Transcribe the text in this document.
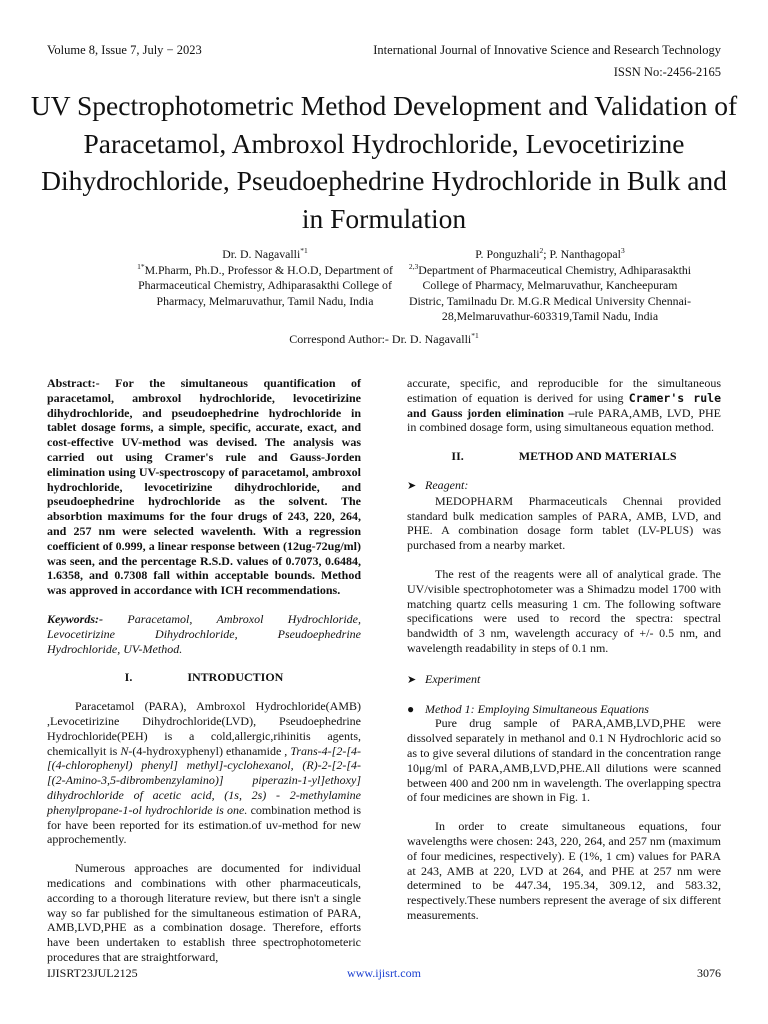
Volume 8, Issue 7, July − 2023	International Journal of Innovative Science and Research Technology
ISSN No:-2456-2165
UV Spectrophotometric Method Development and Validation of Paracetamol, Ambroxol Hydrochloride, Levocetirizine Dihydrochloride, Pseudoephedrine Hydrochloride in Bulk and in Formulation

Dr. D. Nagavalli$^{*1}$

$^{1*}$M.Pharm, Ph.D., Professor & H.O.D, Department of Pharmaceutical Chemistry, Adhiparasakthi College of Pharmacy, Melmaruvathur, Tamil Nadu, India

P. Ponguzhali$^2$; P. Nanthagopal$^3$

$^{2,3}$Department of Pharmaceutical Chemistry, Adhiparasakthi College of Pharmacy, Melmaruvathur, Kancheepuram Distric, Tamilnadu Dr. M.G.R Medical University Chennai-28,Melmaruvathur-603319,Tamil Nadu, India

Correspond Author:- Dr. D. Nagavalli$^{*1}$

Abstract:- For the simultaneous quantification of paracetamol, ambroxol hydrochloride, levocetirizine dihydrochloride, and pseudoephedrine hydrochloride in tablet dosage forms, a simple, specific, accurate, exact, and cost-effective UV-method was devised. The analysis was carried out using Cramer's rule and Gauss-Jorden elimination using UV-spectroscopy of paracetamol, ambroxol hydrochloride, levocetirizine dihydrochloride, and pseudoephedrine hydrochloride as the solvent. The absorbtion maximums for the four drugs of 243, 220, 264, and 257 nm were selected wavelenth. With a regression coefficient of 0.999, a linear response between (12ug-72ug/ml) was seen, and the percentage R.S.D. values of 0.7073, 0.6484, 1.6358, and 0.7308 fall within acceptable bounds. Method was approved in accordance with ICH recommendations.

Keywords:- Paracetamol, Ambroxol Hydrochloride, Levocetirizine Dihydrochloride, Pseudoephedrine Hydrochloride, UV-Method.

I.	INTRODUCTION

Paracetamol (PARA), Ambroxol Hydrochloride(AMB) ,Levocetirizine Dihydrochloride(LVD), Pseudoephedrine Hydrochloride(PEH) is a cold,allergic,rihinitis agents, chemicallyit is N-(4-hydroxyphenyl) ethanamide , Trans-4-[2-[4-[(4-chlorophenyl) phenyl] methyl]-cyclohexanol, (R)-2-[2-[4-[(2-Amino-3,5-dibrombenzylamino)] piperazin-1-yl]ethoxy] dihydrochloride of acetic acid, (1s, 2s) - 2-methylamine phenylpropane-1-ol hydrochloride is one. combination method is for have been reported for its estimation.of uv-method for new approchemently.

Numerous approaches are documented for individual medications and combinations with other pharmaceuticals, according to a thorough literature review, but there isn't a single way so far published for the simultaneous estimation of PARA, AMB,LVD,PHE as a combination dosage. Therefore, efforts have been undertaken to establish three spectrophotometeric procedures that are straightforward,

accurate, specific, and reproducible for the simultaneous estimation of equation is derived for using Cramer's rule and Gauss jorden elimination –rule PARA,AMB, LVD, PHE in combined dosage form, using simultaneous equation method.

II.	METHOD AND MATERIALS

➤ Reagent:

MEDOPHARM Pharmaceuticals Chennai provided standard bulk medication samples of PARA, AMB, LVD, and PHE. A combination dosage form tablet (LV-PLUS) was purchased from a nearby market.

The rest of the reagents were all of analytical grade. The UV/visible spectrophotometer was a Shimadzu model 1700 with matching quartz cells measuring 1 cm. The following software specifications were used to record the spectra: spectral bandwidth of 3 nm, wavelength accuracy of +/- 0.5 nm, and wavelength readability in steps of 0.1 nm.

➤ Experiment

● Method 1: Employing Simultaneous Equations

Pure drug sample of PARA,AMB,LVD,PHE were dissolved separately in methanol and 0.1 N Hydrochloric acid so as to give several dilutions of standard in the concentration range 10μg/ml of PARA,AMB,LVD,PHE.All dilutions were scanned between 400 and 200 nm in wavelength. The overlapping spectra of four medicines are shown in Fig. 1.

In order to create simultaneous equations, four wavelengths were chosen: 243, 220, 264, and 257 nm (maximum of four medicines, respectively). E (1%, 1 cm) values for PARA at 243, AMB at 220, LVD at 264, and PHE at 257 nm were determined to be 447.34, 195.34, 309.12, and 583.32, respectively.These numbers represent the average of six different measurements.

IJISRT23JUL2125	www.ijisrt.com	3076
